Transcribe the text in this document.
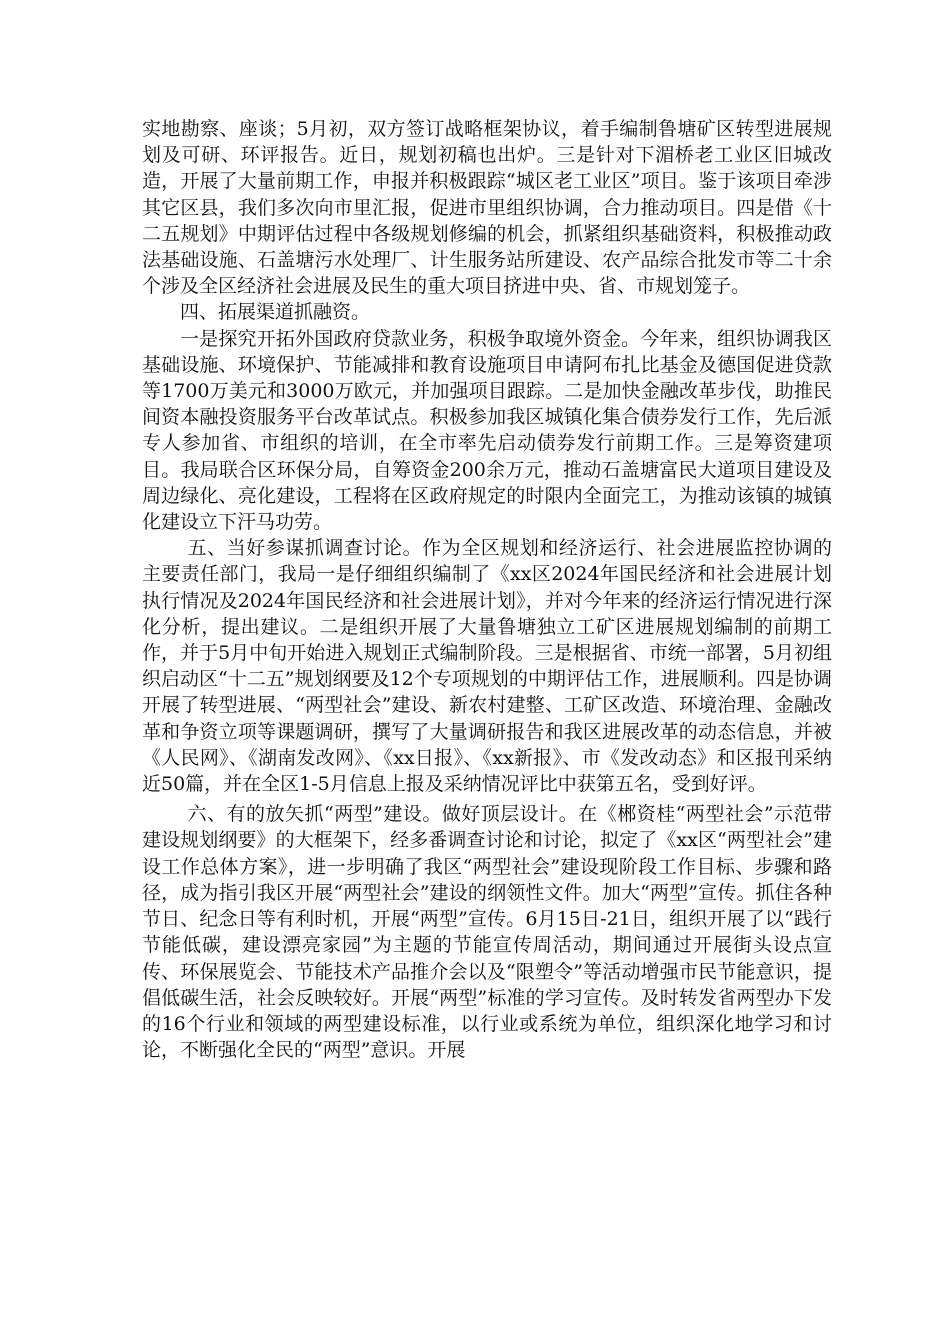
实地勘察、座谈；5月初，双方签订战略框架协议，着手编制鲁塘矿区转型进展规划及可研、环评报告。近日，规划初稿也出炉。三是针对下湄桥老工业区旧城改造，开展了大量前期工作，申报并积极跟踪“城区老工业区”项目。鉴于该项目牵涉其它区县，我们多次向市里汇报，促进市里组织协调，合力推动项目。四是借《十二五规划》中期评估过程中各级规划修编的机会，抓紧组织基础资料，积极推动政法基础设施、石盖塘污水处理厂、计生服务站所建设、农产品综合批发市等二十余个涉及全区经济社会进展及民生的重大项目挤进中央、省、市规划笼子。

四、拓展渠道抓融资。

一是探究开拓外国政府贷款业务，积极争取境外资金。今年来，组织协调我区基础设施、环境保护、节能减排和教育设施项目申请阿布扎比基金及德国促进贷款等1700万美元和3000万欧元，并加强项目跟踪。二是加快金融改革步伐，助推民间资本融投资服务平台改革试点。积极参加我区城镇化集合债券发行工作，先后派专人参加省、市组织的培训，在全市率先启动债券发行前期工作。三是筹资建项目。我局联合区环保分局，自筹资金200余万元，推动石盖塘富民大道项目建设及周边绿化、亮化建设，工程将在区政府规定的时限内全面完工，为推动该镇的城镇化建设立下汗马功劳。

五、当好参谋抓调查讨论。作为全区规划和经济运行、社会进展监控协调的主要责任部门，我局一是仔细组织编制了《xx区2024年国民经济和社会进展计划执行情况及2024年国民经济和社会进展计划》，并对今年来的经济运行情况进行深化分析，提出建议。二是组织开展了大量鲁塘独立工矿区进展规划编制的前期工作，并于5月中旬开始进入规划正式编制阶段。三是根据省、市统一部署，5月初组织启动区“十二五”规划纲要及12个专项规划的中期评估工作，进展顺利。四是协调开展了转型进展、“两型社会”建设、新农村建整、工矿区改造、环境治理、金融改革和争资立项等课题调研，撰写了大量调研报告和我区进展改革的动态信息，并被《人民网》、《湖南发改网》、《xx日报》、《xx新报》、市《发改动态》和区报刊采纳近50篇，并在全区1-5月信息上报及采纳情况评比中获第五名，受到好评。

六、有的放矢抓“两型”建设。做好顶层设计。在《郴资桂“两型社会”示范带建设规划纲要》的大框架下，经多番调查讨论和讨论，拟定了《xx区“两型社会”建设工作总体方案》，进一步明确了我区“两型社会”建设现阶段工作目标、步骤和路径，成为指引我区开展“两型社会”建设的纲领性文件。加大“两型”宣传。抓住各种节日、纪念日等有利时机，开展“两型”宣传。6月15日-21日，组织开展了以“践行节能低碳，建设漂亮家园”为主题的节能宣传周活动，期间通过开展街头设点宣传、环保展览会、节能技术产品推介会以及“限塑令”等活动增强市民节能意识，提倡低碳生活，社会反映较好。开展“两型”标准的学习宣传。及时转发省两型办下发的16个行业和领域的两型建设标准，以行业或系统为单位，组织深化地学习和讨论，不断强化全民的“两型”意识。开展
